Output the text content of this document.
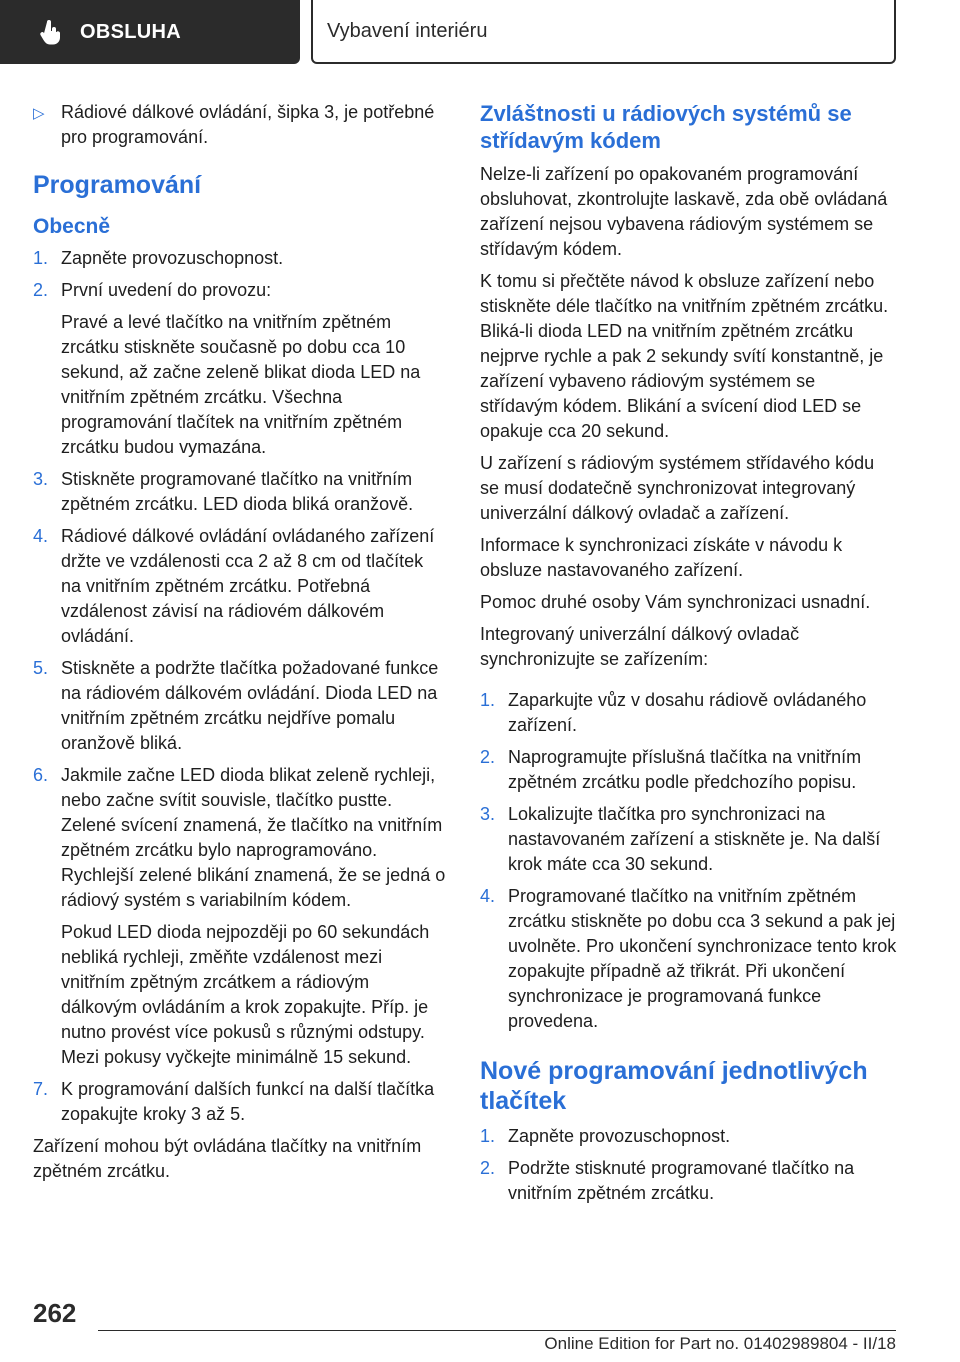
OBSLUHA	Vybavení interiéru
▷ Rádiové dálkové ovládání, šipka 3, je potřebné pro programování.
Programování
Obecně
1. Zapněte provozuschopnost.
2. První uvedení do provozu:
Pravé a levé tlačítko na vnitřním zpětném zrcátku stiskněte současně po dobu cca 10 sekund, až začne zeleně blikat dioda LED na vnitřním zpětném zrcátku. Všechna programování tlačítek na vnitřním zpětném zrcátku budou vymazána.
3. Stiskněte programované tlačítko na vnitřním zpětném zrcátku. LED dioda bliká oranžově.
4. Rádiové dálkové ovládání ovládaného zařízení držte ve vzdálenosti cca 2 až 8 cm od tlačítek na vnitřním zpětném zrcátku. Potřebná vzdálenost závisí na rádiovém dálkovém ovládání.
5. Stiskněte a podržte tlačítka požadované funkce na rádiovém dálkovém ovládání. Dioda LED na vnitřním zpětném zrcátku nejdříve pomalu oranžově bliká.
6. Jakmile začne LED dioda blikat zeleně rychleji, nebo začne svítit souvisle, tlačítko pustte. Zelené svícení znamená, že tlačítko na vnitřním zpětném zrcátku bylo naprogramováno. Rychlejší zelené blikání znamená, že se jedná o rádiový systém s variabilním kódem.
Pokud LED dioda nejpozději po 60 sekundách nebliká rychleji, změňte vzdálenost mezi vnitřním zpětným zrcátkem a rádiovým dálkovým ovládáním a krok zopakujte. Příp. je nutno provést více pokusů s různými odstupy. Mezi pokusy vyčkejte minimálně 15 sekund.
7. K programování dalších funkcí na další tlačítka zopakujte kroky 3 až 5.
Zařízení mohou být ovládána tlačítky na vnitřním zpětném zrcátku.
Zvláštnosti u rádiových systémů se střídavým kódem
Nelze-li zařízení po opakovaném programování obsluhovat, zkontrolujte laskavě, zda obě ovládaná zařízení nejsou vybavena rádiovým systémem se střídavým kódem.
K tomu si přečtěte návod k obsluze zařízení nebo stiskněte déle tlačítko na vnitřním zpětném zrcátku. Bliká-li dioda LED na vnitřním zpětném zrcátku nejprve rychle a pak 2 sekundy svítí konstantně, je zařízení vybaveno rádiovým systémem se střídavým kódem. Blikání a svícení diod LED se opakuje cca 20 sekund.
U zařízení s rádiovým systémem střídavého kódu se musí dodatečně synchronizovat integrovaný univerzální dálkový ovladač a zařízení.
Informace k synchronizaci získáte v návodu k obsluze nastavovaného zařízení.
Pomoc druhé osoby Vám synchronizaci usnadní.
Integrovaný univerzální dálkový ovladač synchronizujte se zařízením:
1. Zaparkujte vůz v dosahu rádiově ovládaného zařízení.
2. Naprogramujte příslušná tlačítka na vnitřním zpětném zrcátku podle předchozího popisu.
3. Lokalizujte tlačítka pro synchronizaci na nastavovaném zařízení a stiskněte je. Na další krok máte cca 30 sekund.
4. Programované tlačítko na vnitřním zpětném zrcátku stiskněte po dobu cca 3 sekund a pak jej uvolněte. Pro ukončení synchronizace tento krok zopakujte případně až třikrát. Při ukončení synchronizace je programovaná funkce provedena.
Nové programování jednotlivých tlačítek
1. Zapněte provozuschopnost.
2. Podržte stisknuté programované tlačítko na vnitřním zpětném zrcátku.
262
Online Edition for Part no. 01402989804 - II/18
